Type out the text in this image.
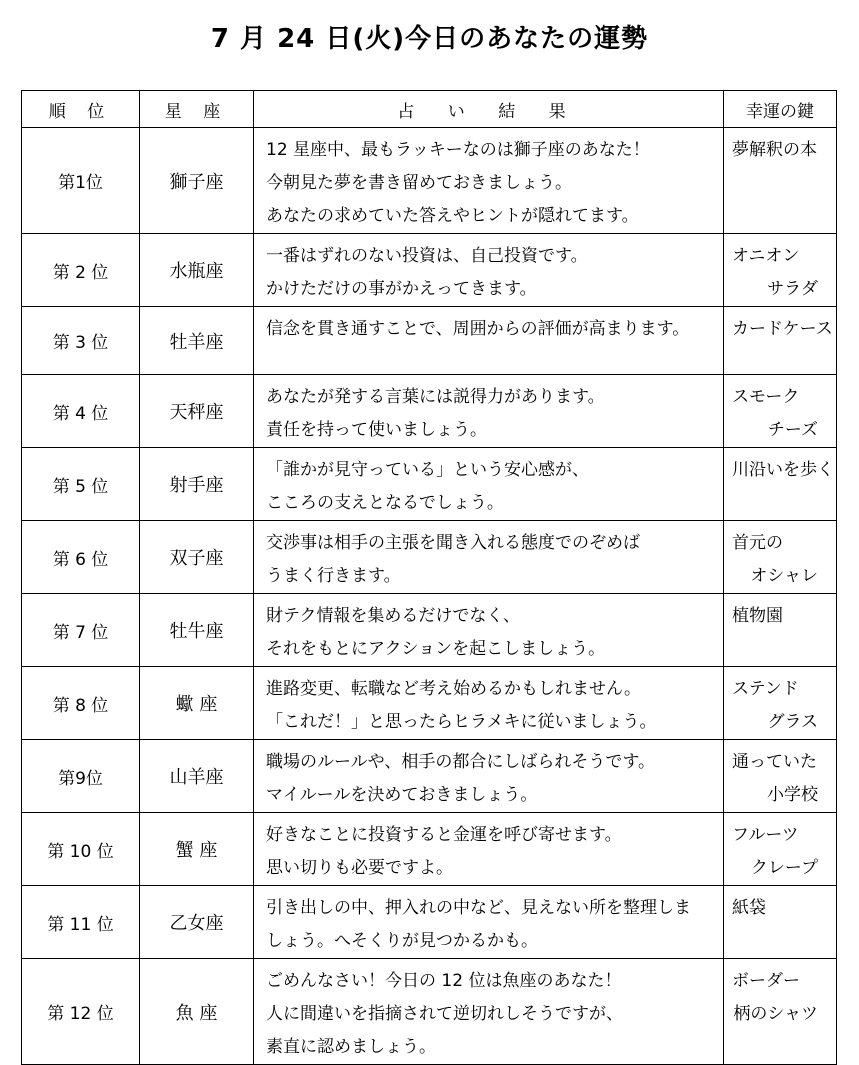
7 月 24 日(火)今日のあなたの運勢
順 位	星 座	占 い 結 果	幸運の鍵
第1位	獅子座	12 星座中、最もラッキーなのは獅子座のあなた！
今朝見た夢を書き留めておきましょう。
あなたの求めていた答えやヒントが隠れてます。	夢解釈の本

第 2 位	水瓶座	一番はずれのない投資は、自己投資です。
かけただけの事がかえってきます。	オニオン
サラダ

第 3 位	牡羊座	信念を貫き通すことで、周囲からの評価が高まります。	カードケース

第 4 位	天秤座	あなたが発する言葉には説得力があります。
責任を持って使いましょう。	スモーク
チーズ

第 5 位	射手座	「誰かが見守っている」という安心感が、
こころの支えとなるでしょう。	川沿いを歩く

第 6 位	双子座	交渉事は相手の主張を聞き入れる態度でのぞめば
うまく行きます。	首元の
オシャレ

第 7 位	牡牛座	財テク情報を集めるだけでなく、
それをもとにアクションを起こしましょう。	植物園

第 8 位	蠍 座	進路変更、転職など考え始めるかもしれません。
「これだ！」と思ったらヒラメキに従いましょう。	ステンド
グラス

第9位	山羊座	職場のルールや、相手の都合にしばられそうです。
マイルールを決めておきましょう。	通っていた
小学校

第 10 位	蟹 座	好きなことに投資すると金運を呼び寄せます。
思い切りも必要ですよ。	フルーツ
クレープ

第 11 位	乙女座	引き出しの中、押入れの中など、見えない所を整理しま
しょう。へそくりが見つかるかも。	紙袋

第 12 位	魚 座	ごめんなさい！今日の 12 位は魚座のあなた！
人に間違いを指摘されて逆切れしそうですが、
素直に認めましょう。	ボーダー
柄のシャツ
